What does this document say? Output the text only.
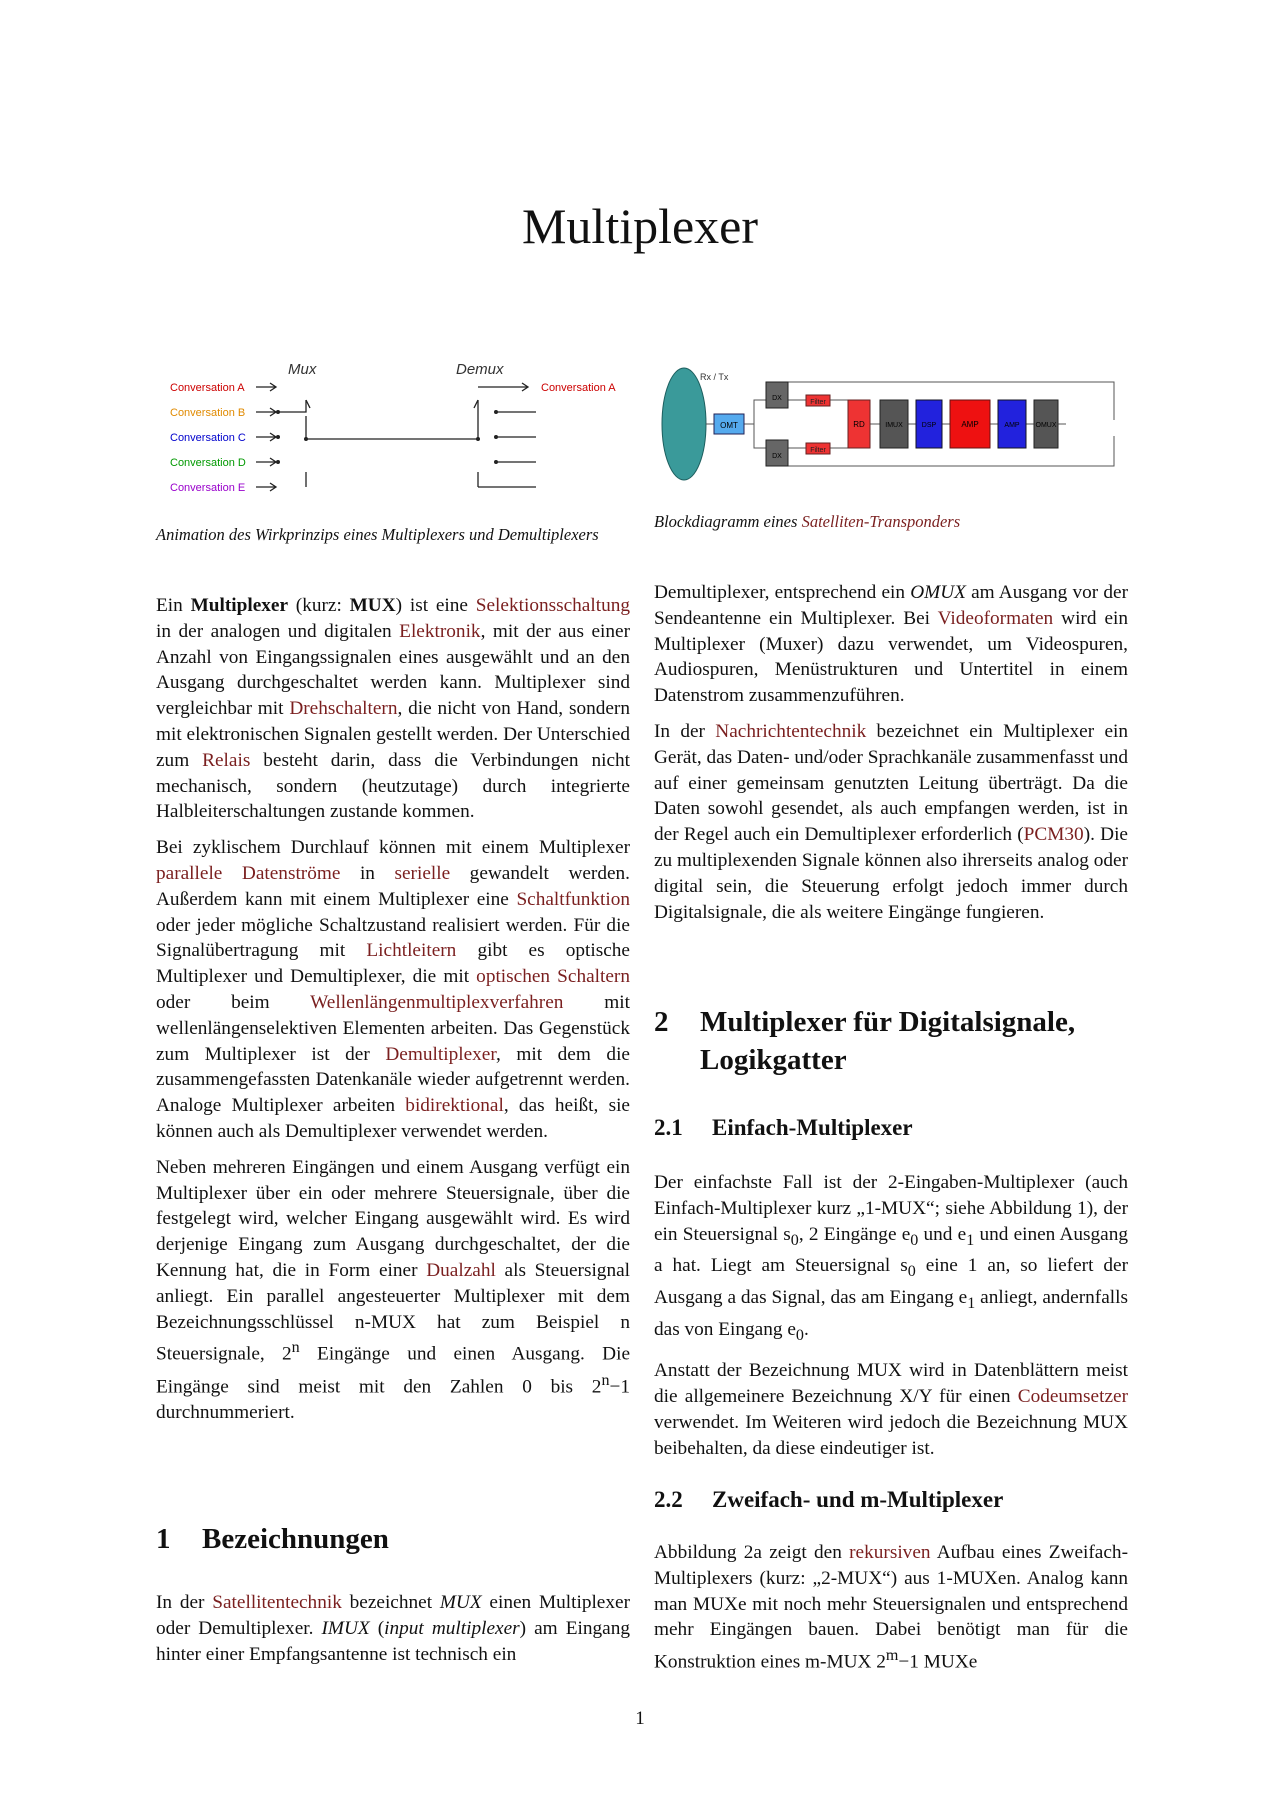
Multiplexer
Mux	Demux
Conversation A
Conversation B
Conversation C
Conversation D
Conversation E
Conversation A
Animation des Wirkprinzips eines Multiplexers und Demultiplexers
Rx / Tx
OMT
DX
DX
Filter
Filter
RD	IMUX	DSP	AMP	AMP OMUX
Blockdiagramm eines Satelliten-Transponders

Ein Multiplexer (kurz: MUX) ist eine Selektionsschaltung in der analogen und digitalen Elektronik, mit der aus einer Anzahl von Eingangssignalen eines ausgewählt und an den Ausgang durchgeschaltet werden kann. Multiplexer sind vergleichbar mit Drehschaltern, die nicht von Hand, sondern mit elektronischen Signalen gestellt werden. Der Unterschied zum Relais besteht darin, dass die Verbindungen nicht mechanisch, sondern (heutzutage) durch integrierte Halbleiterschaltungen zustande kommen.

Bei zyklischem Durchlauf können mit einem Multiplexer parallele Datenströme in serielle gewandelt werden. Außerdem kann mit einem Multiplexer eine Schaltfunktion oder jeder mögliche Schaltzustand realisiert werden. Für die Signalübertragung mit Lichtleitern gibt es optische Multiplexer und Demultiplexer, die mit optischen Schaltern oder beim Wellenlängenmultiplexverfahren mit wellenlängenselektiven Elementen arbeiten. Das Gegenstück zum Multiplexer ist der Demultiplexer, mit dem die zusammengefassten Datenkanäle wieder aufgetrennt werden. Analoge Multiplexer arbeiten bidirektional, das heißt, sie können auch als Demultiplexer verwendet werden.

Neben mehreren Eingängen und einem Ausgang verfügt ein Multiplexer über ein oder mehrere Steuersignale, über die festgelegt wird, welcher Eingang ausgewählt wird. Es wird derjenige Eingang zum Ausgang durchgeschaltet, der die Kennung hat, die in Form einer Dualzahl als Steuersignal anliegt. Ein parallel angesteuerter Multiplexer mit dem Bezeichnungsschlüssel n-MUX hat zum Beispiel n Steuersignale, 2$^n$ Eingänge und einen Ausgang. Die Eingänge sind meist mit den Zahlen 0 bis $2^n-1$ durchnummeriert.

1 Bezeichnungen

In der Satellitentechnik bezeichnet MUX einen Multiplexer oder Demultiplexer. IMUX (input multiplexer) am Eingang hinter einer Empfangsantenne ist technisch ein

Demultiplexer, entsprechend ein OMUX am Ausgang vor der Sendeantenne ein Multiplexer. Bei Videoformaten wird ein Multiplexer (Muxer) dazu verwendet, um Videospuren, Audiospuren, Menüstrukturen und Untertitel in einem Datenstrom zusammenzuführen.

In der Nachrichtentechnik bezeichnet ein Multiplexer ein Gerät, das Daten- und/oder Sprachkanäle zusammenfasst und auf einer gemeinsam genutzten Leitung überträgt. Da die Daten sowohl gesendet, als auch empfangen werden, ist in der Regel auch ein Demultiplexer erforderlich (PCM30). Die zu multiplexenden Signale können also ihrerseits analog oder digital sein, die Steuerung erfolgt jedoch immer durch Digitalsignale, die als weitere Eingänge fungieren.

2 Multiplexer für Digitalsignale,
Logikgatter
2.1 Einfach-Multiplexer

Der einfachste Fall ist der 2-Eingaben-Multiplexer (auch Einfach-Multiplexer kurz „1-MUX“; siehe Abbildung 1), der ein Steuersignal $s_0$, 2 Eingänge $e_0$ und $e_1$ und einen Ausgang a hat. Liegt am Steuersignal $s_0$ eine 1 an, so liefert der Ausgang a das Signal, das am Eingang $e_1$ anliegt, andernfalls das von Eingang $e_0$.

Anstatt der Bezeichnung MUX wird in Datenblättern meist die allgemeinere Bezeichnung X/Y für einen Codeumsetzer verwendet. Im Weiteren wird jedoch die Bezeichnung MUX beibehalten, da diese eindeutiger ist.

2.2 Zweifach- und m-Multiplexer

Abbildung 2a zeigt den rekursiven Aufbau eines Zweifach-Multiplexers (kurz: „2-MUX“) aus 1-MUXen. Analog kann man MUXe mit noch mehr Steuersignalen und entsprechend mehr Eingängen bauen. Dabei benötigt man für die Konstruktion eines m-MUX $2^m-1$ MUXe

1
